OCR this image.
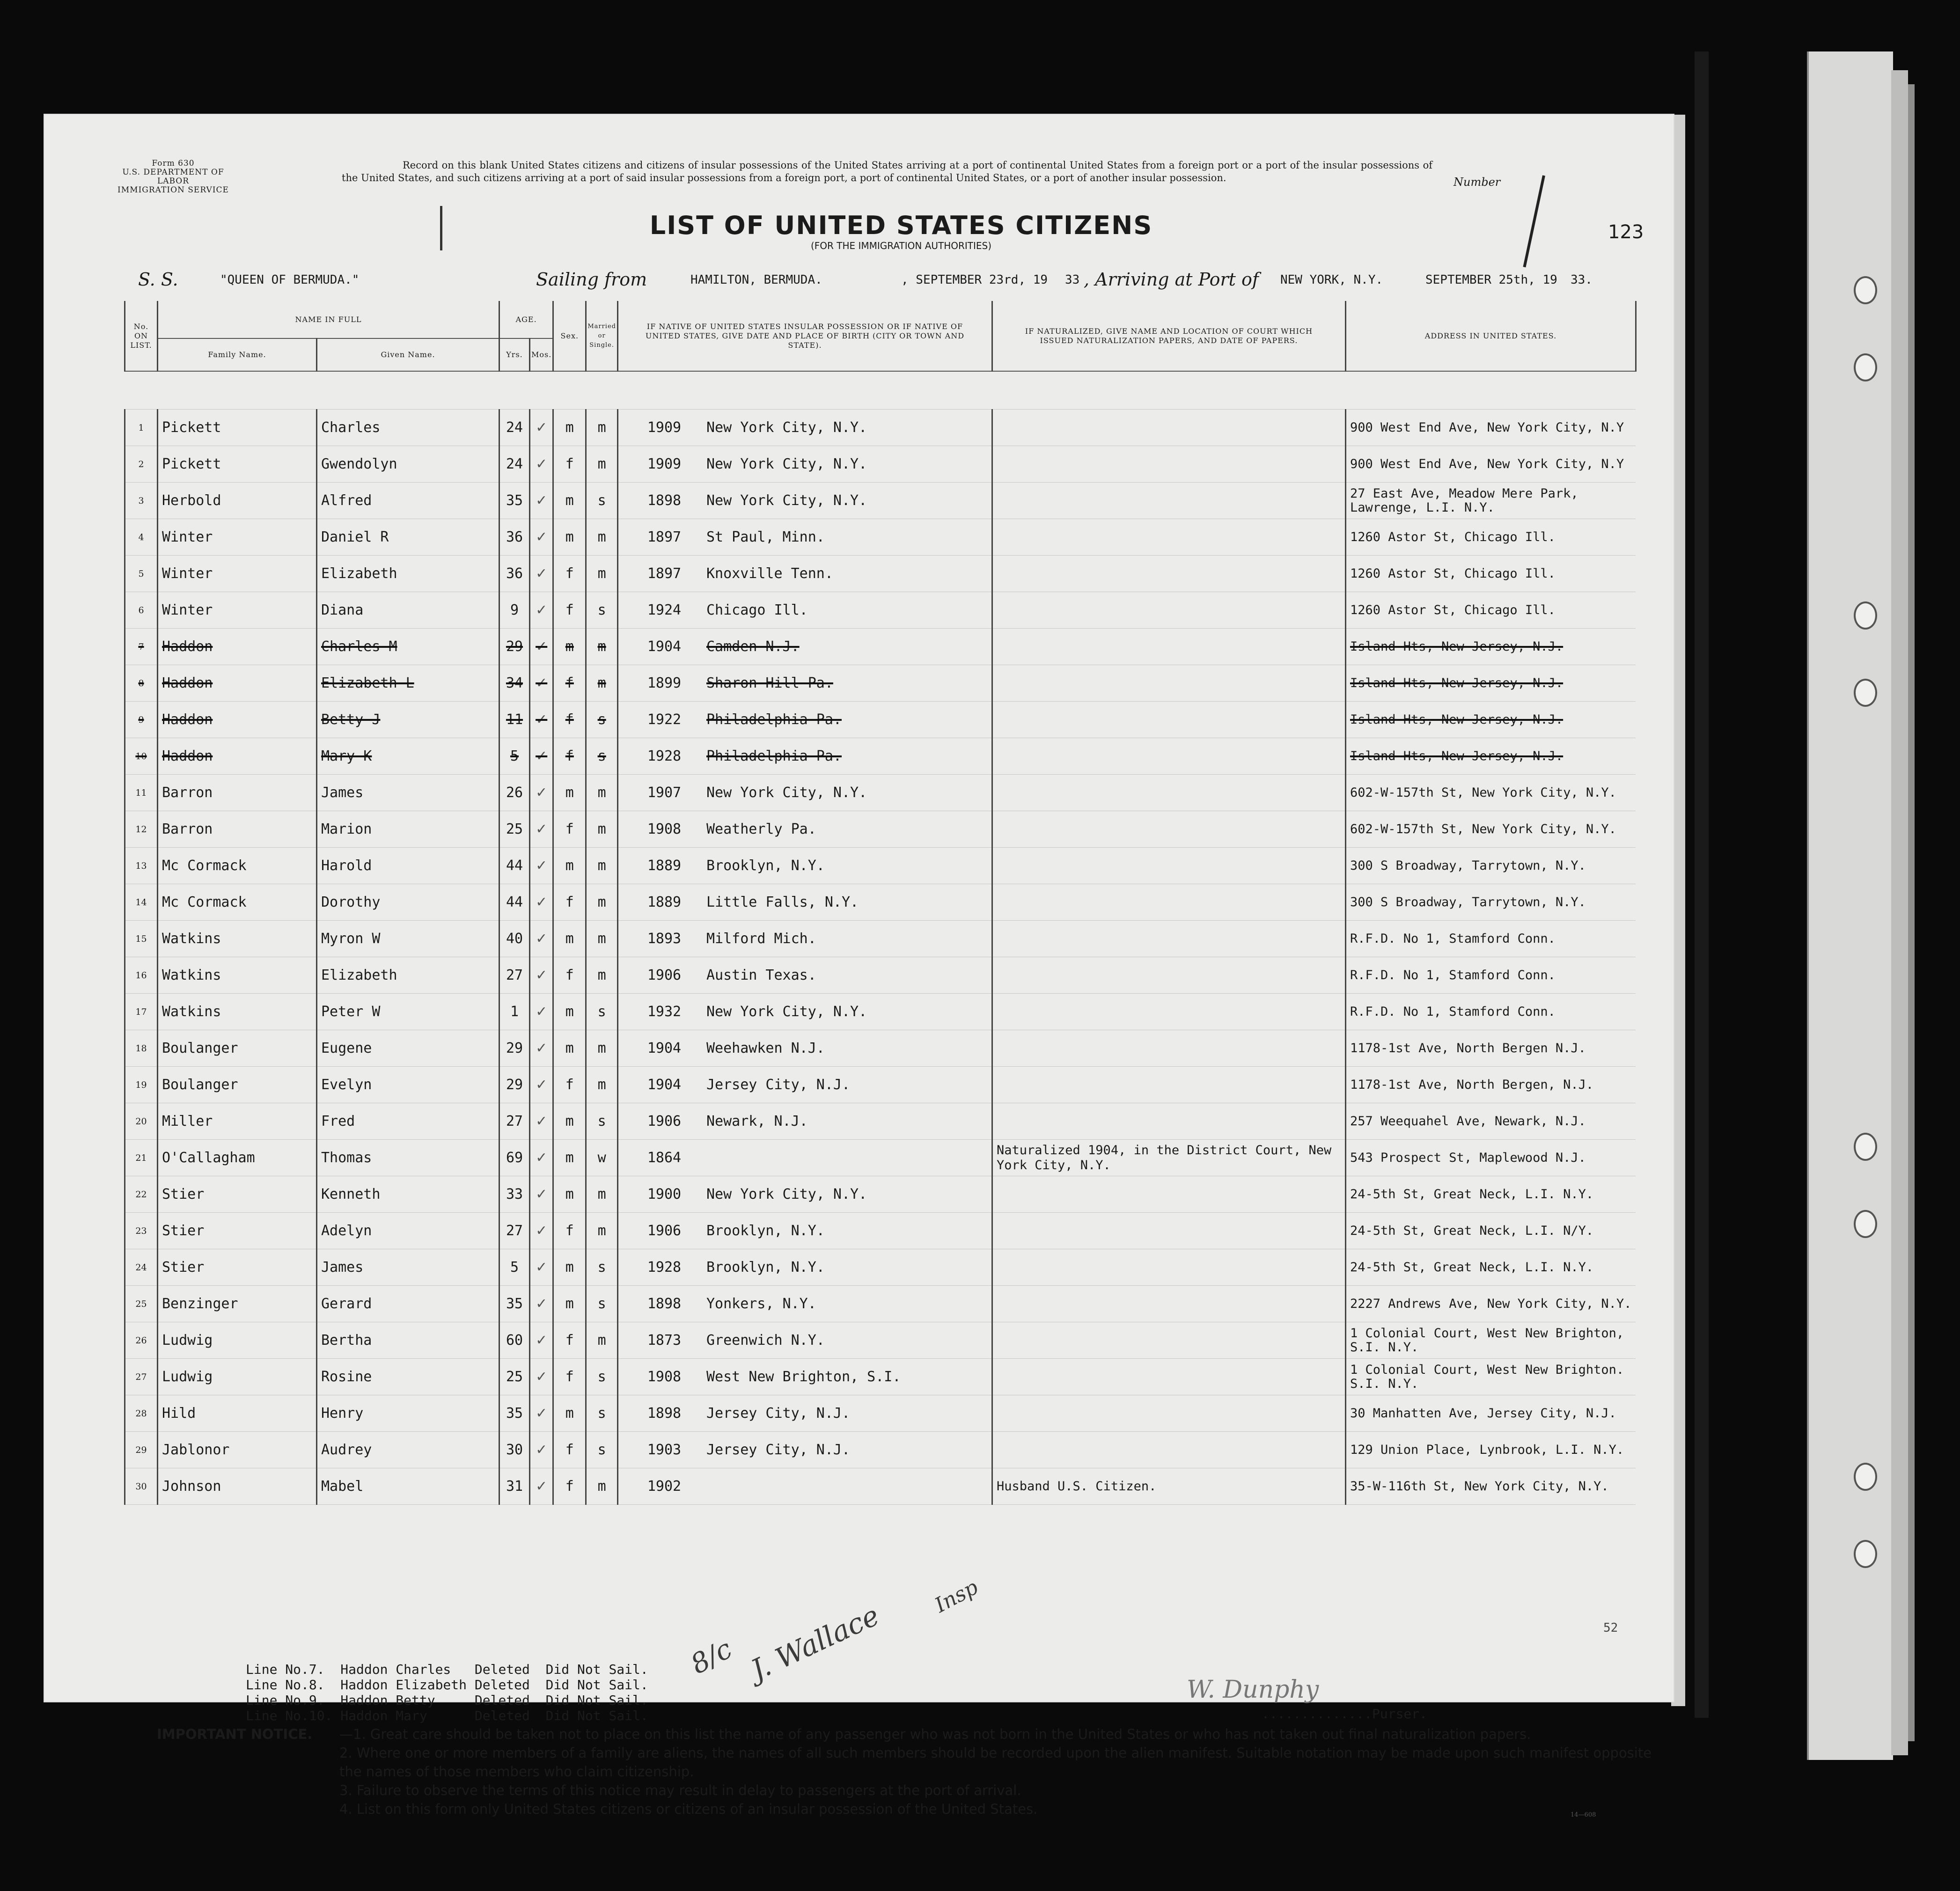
Form 630
U.S. DEPARTMENT OF LABOR
IMMIGRATION SERVICE
Record on this blank United States citizens and citizens of insular possessions of the United States arriving at a port of continental United States from a foreign port or a port of the insular possessions of the United States, and such citizens arriving at a port of said insular possessions from a foreign port, a port of continental United States, or a port of another insular possession.	Number
LIST OF UNITED STATES CITIZENS
(FOR THE IMMIGRATION AUTHORITIES)
123
S. S.	"QUEEN OF BERMUDA."	Sailing from	HAMILTON, BERMUDA.	, SEPTEMBER 23rd, 19 33 , Arriving at Port of NEW YORK, N.Y.	SEPTEMBER 25th, 19 33.
No. ON LIST.	NAME IN FULL		AGE.		Sex.	Married or Single.	IF NATIVE OF UNITED STATES INSULAR POSSESSION OR IF NATIVE OF UNITED STATES, GIVE DATE AND PLACE OF BIRTH (CITY OR TOWN AND STATE).	IF NATURALIZED, GIVE NAME AND LOCATION OF COURT WHICH ISSUED NATURALIZATION PAPERS, AND DATE OF PAPERS.	ADDRESS IN UNITED STATES.
	Family Name.	Given Name.	Yrs.	Mos.					

1	Pickett	Charles	24	✓	m	m	1909 New York City, N.Y.		900 West End Ave, New York City, N.Y
2	Pickett	Gwendolyn	24	✓	f	m	1909 New York City, N.Y.		900 West End Ave, New York City, N.Y
3	Herbold	Alfred	35	✓	m	s	1898 New York City, N.Y.		27 East Ave, Meadow Mere Park, Lawrenge, L.I. N.Y.
4	Winter	Daniel R	36	✓	m	m	1897 St Paul, Minn.		1260 Astor St, Chicago Ill.
5	Winter	Elizabeth	36	✓	f	m	1897 Knoxville Tenn.		1260 Astor St, Chicago Ill.
6	Winter	Diana	9	✓	f	s	1924 Chicago Ill.		1260 Astor St, Chicago Ill.
7	Haddon	Charles M	29	✓	m	m	1904 Camden N.J.		Island Hts, New Jersey, N.J.
8	Haddon	Elizabeth L	34	✓	f	m	1899 Sharon Hill Pa.		Island Hts, New Jersey, N.J.
9	Haddon	Betty J	11	✓	f	s	1922 Philadelphia Pa.		Island Hts, New Jersey, N.J.
10	Haddon	Mary K	5	✓	f	s	1928 Philadelphia Pa.		Island Hts, New Jersey, N.J.
11	Barron	James	26	✓	m	m	1907 New York City, N.Y.		602-W-157th St, New York City, N.Y.
12	Barron	Marion	25	✓	f	m	1908 Weatherly Pa.		602-W-157th St, New York City, N.Y.
13	Mc Cormack	Harold	44	✓	m	m	1889 Brooklyn, N.Y.		300 S Broadway, Tarrytown, N.Y.
14	Mc Cormack	Dorothy	44	✓	f	m	1889 Little Falls, N.Y.		300 S Broadway, Tarrytown, N.Y.
15	Watkins	Myron W	40	✓	m	m	1893 Milford Mich.		R.F.D. No 1, Stamford Conn.
16	Watkins	Elizabeth	27	✓	f	m	1906 Austin Texas.		R.F.D. No 1, Stamford Conn.
17	Watkins	Peter W	1	✓	m	s	1932 New York City, N.Y.		R.F.D. No 1, Stamford Conn.
18	Boulanger	Eugene	29	✓	m	m	1904 Weehawken N.J.		1178-1st Ave, North Bergen N.J.
19	Boulanger	Evelyn	29	✓	f	m	1904 Jersey City, N.J.		1178-1st Ave, North Bergen, N.J.
20	Miller	Fred	27	✓	m	s	1906 Newark, N.J.		257 Weequahel Ave, Newark, N.J.
21	O'Callagham	Thomas	69	✓	m	w	1864	Naturalized 1904, in the District Court, New York City, N.Y.	543 Prospect St, Maplewood N.J.
22	Stier	Kenneth	33	✓	m	m	1900 New York City, N.Y.		24-5th St, Great Neck, L.I. N.Y.
23	Stier	Adelyn	27	✓	f	m	1906 Brooklyn, N.Y.		24-5th St, Great Neck, L.I. N/Y.
24	Stier	James	5	✓	m	s	1928 Brooklyn, N.Y.		24-5th St, Great Neck, L.I. N.Y.
25	Benzinger	Gerard	35	✓	m	s	1898 Yonkers, N.Y.		2227 Andrews Ave, New York City, N.Y.
26	Ludwig	Bertha	60	✓	f	m	1873 Greenwich N.Y.		1 Colonial Court, West New Brighton, S.I. N.Y.
27	Ludwig	Rosine	25	✓	f	s	1908 West New Brighton, S.I.		1 Colonial Court, West New Brighton. S.I. N.Y.
28	Hild	Henry	35	✓	m	s	1898 Jersey City, N.J.		30 Manhatten Ave, Jersey City, N.J.
29	Jablonor	Audrey	30	✓	f	s	1903 Jersey City, N.J.		129 Union Place, Lynbrook, L.I. N.Y.
30	Johnson	Mabel	31	✓	f	m	1902	Husband U.S. Citizen.	35-W-116th St, New York City, N.Y.
52
Line No.7.  Haddon Charles   Deleted  Did Not Sail.
Line No.8.  Haddon Elizabeth Deleted  Did Not Sail.
Line No.9.  Haddon Betty     Deleted  Did Not Sail.
Line No.10. Haddon Mary      Deleted  Did Not Sail.
8/c J. Wallace
Insp
W. Dunphy
..............Purser.
IMPORTANT NOTICE.	—1. Great care should be taken not to place on this list the name of any passenger who was not born in the United States or who has not taken out final naturalization papers.
2. Where one or more members of a family are aliens, the names of all such members should be recorded upon the alien manifest. Suitable notation may be made upon such manifest opposite the names of those members who claim citizenship.
3. Failure to observe the terms of this notice may result in delay to passengers at the port of arrival.
4. List on this form only United States citizens or citizens of an insular possession of the United States.	14—608
